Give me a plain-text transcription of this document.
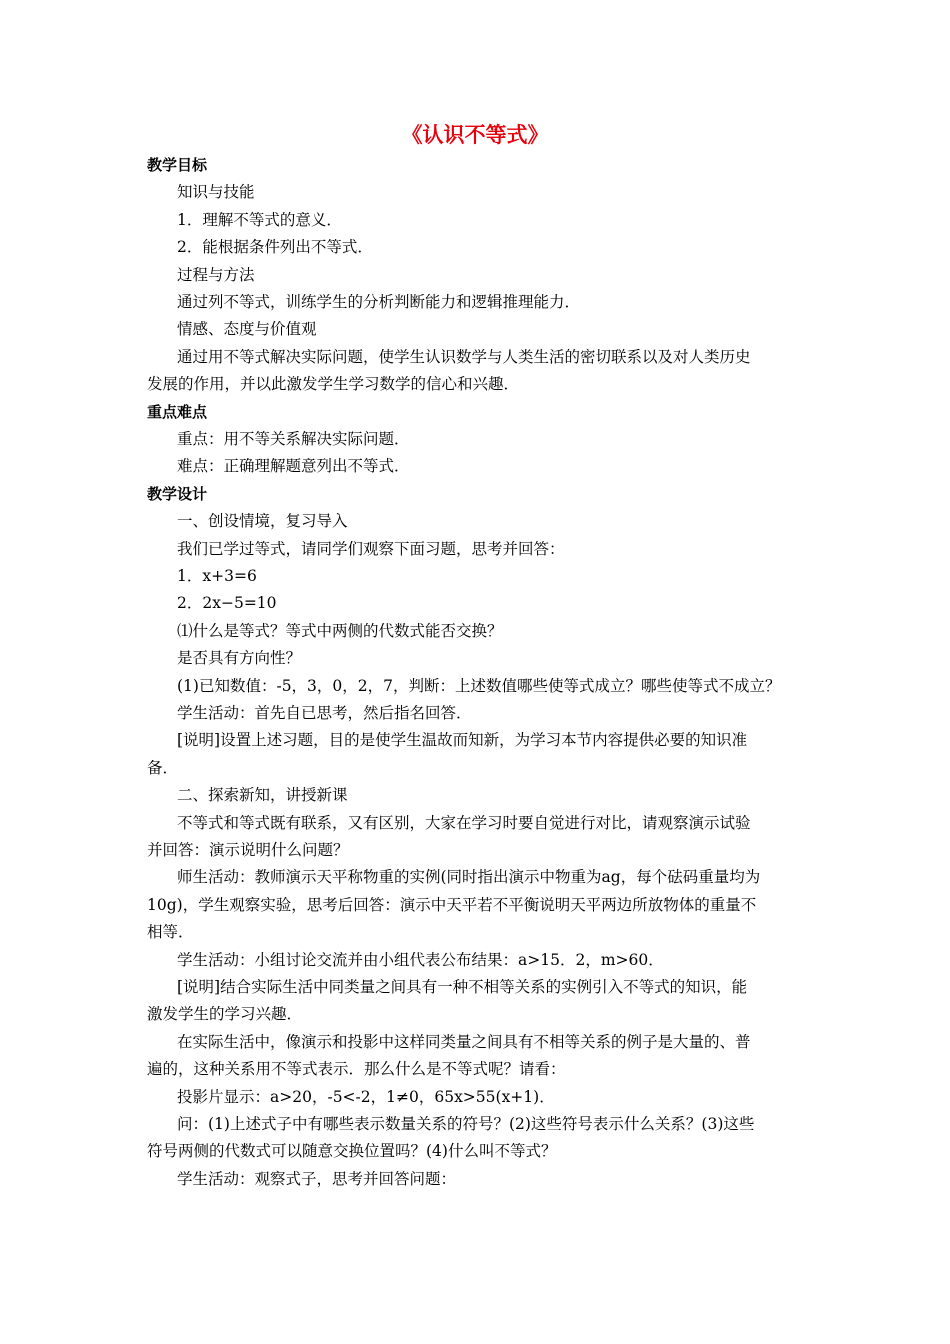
《认识不等式》
教学目标
知识与技能
1．理解不等式的意义．
2．能根据条件列出不等式．
过程与方法
通过列不等式，训练学生的分析判断能力和逻辑推理能力．
情感、态度与价值观
通过用不等式解决实际问题，使学生认识数学与人类生活的密切联系以及对人类历史
发展的作用，并以此激发学生学习数学的信心和兴趣．
重点难点
重点：用不等关系解决实际问题．
难点：正确理解题意列出不等式．
教学设计
一、创设情境，复习导入
我们已学过等式，请同学们观察下面习题，思考并回答：
1．x+3=6
2．2x−5=10
⑴什么是等式？等式中两侧的代数式能否交换？
是否具有方向性？
(1)已知数值：-5，3，0，2，7，判断：上述数值哪些使等式成立？哪些使等式不成立？
学生活动：首先自已思考，然后指名回答．
[说明]设置上述习题，目的是使学生温故而知新，为学习本节内容提供必要的知识准
备．
二、探索新知，讲授新课
不等式和等式既有联系，又有区别，大家在学习时要自觉进行对比，请观察演示试验
并回答：演示说明什么问题？
师生活动：教师演示天平称物重的实例(同时指出演示中物重为ag，每个砝码重量均为
10g)，学生观察实验，思考后回答：演示中天平若不平衡说明天平两边所放物体的重量不
相等．
学生活动：小组讨论交流并由小组代表公布结果：a>15．2，m>60．
[说明]结合实际生活中同类量之间具有一种不相等关系的实例引入不等式的知识，能
激发学生的学习兴趣．
在实际生活中，像演示和投影中这样同类量之间具有不相等关系的例子是大量的、普
遍的，这种关系用不等式表示．那么什么是不等式呢？请看：
投影片显示：a>20，-5<-2，1≠0，65x>55(x+1)．
问：(1)上述式子中有哪些表示数量关系的符号？(2)这些符号表示什么关系？(3)这些
符号两侧的代数式可以随意交换位置吗？(4)什么叫不等式？
学生活动：观察式子，思考并回答问题：
